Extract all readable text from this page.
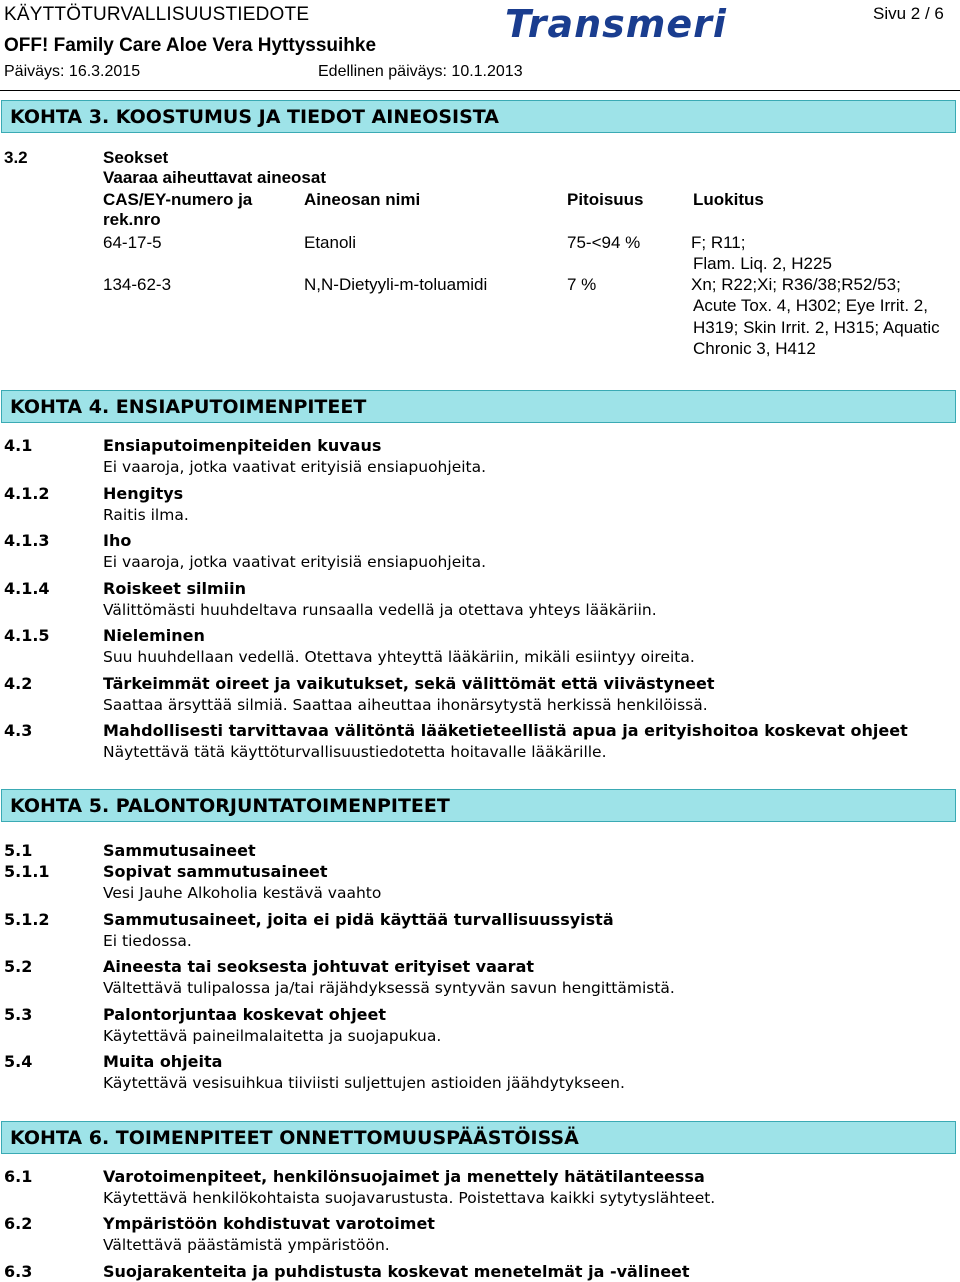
KÄYTTÖTURVALLISUUSTIEDOTE
OFF! Family Care Aloe Vera Hyttyssuihke
Päiväys: 16.3.2015	Edellinen päiväys: 10.1.2013
Transmeri	Sivu 2 / 6
KOHTA 3. KOOSTUMUS JA TIEDOT AINEOSISTA
3.2	Seokset
Vaaraa aiheuttavat aineosat
CAS/EY-numero ja
rek.nro
Aineosan nimi	Pitoisuus	Luokitus
64-17-5	Etanoli	75-<94 %	F; R11;
Flam. Liq. 2, H225
134-62-3	N,N-Dietyyli-m-toluamidi	7 %	Xn; R22;Xi; R36/38;R52/53;
Acute Tox. 4, H302; Eye Irrit. 2,
H319; Skin Irrit. 2, H315; Aquatic
Chronic 3, H412
KOHTA 4. ENSIAPUTOIMENPITEET
4.1	Ensiaputoimenpiteiden kuvaus
Ei vaaroja, jotka vaativat erityisiä ensiapuohjeita.
4.1.2	Hengitys
Raitis ilma.
4.1.3	Iho
Ei vaaroja, jotka vaativat erityisiä ensiapuohjeita.
4.1.4	Roiskeet silmiin
Välittömästi huuhdeltava runsaalla vedellä ja otettava yhteys lääkäriin.
4.1.5	Nieleminen
Suu huuhdellaan vedellä. Otettava yhteyttä lääkäriin, mikäli esiintyy oireita.
4.2	Tärkeimmät oireet ja vaikutukset, sekä välittömät että viivästyneet
Saattaa ärsyttää silmiä. Saattaa aiheuttaa ihonärsytystä herkissä henkilöissä.
4.3	Mahdollisesti tarvittavaa välitöntä lääketieteellistä apua ja erityishoitoa koskevat ohjeet
Näytettävä tätä käyttöturvallisuustiedotetta hoitavalle lääkärille.
KOHTA 5. PALONTORJUNTATOIMENPITEET
5.1	Sammutusaineet
5.1.1	Sopivat sammutusaineet
Vesi Jauhe Alkoholia kestävä vaahto
5.1.2	Sammutusaineet, joita ei pidä käyttää turvallisuussyistä
Ei tiedossa.
5.2	Aineesta tai seoksesta johtuvat erityiset vaarat
Vältettävä tulipalossa ja/tai räjähdyksessä syntyvän savun hengittämistä.
5.3	Palontorjuntaa koskevat ohjeet
Käytettävä paineilmalaitetta ja suojapukua.
5.4	Muita ohjeita
Käytettävä vesisuihkua tiiviisti suljettujen astioiden jäähdytykseen.
KOHTA 6. TOIMENPITEET ONNETTOMUUSPÄÄSTÖISSÄ
6.1	Varotoimenpiteet, henkilönsuojaimet ja menettely hätätilanteessa
Käytettävä henkilökohtaista suojavarustusta. Poistettava kaikki sytytyslähteet.
6.2	Ympäristöön kohdistuvat varotoimet
Vältettävä päästämistä ympäristöön.
6.3	Suojarakenteita ja puhdistusta koskevat menetelmät ja -välineet
